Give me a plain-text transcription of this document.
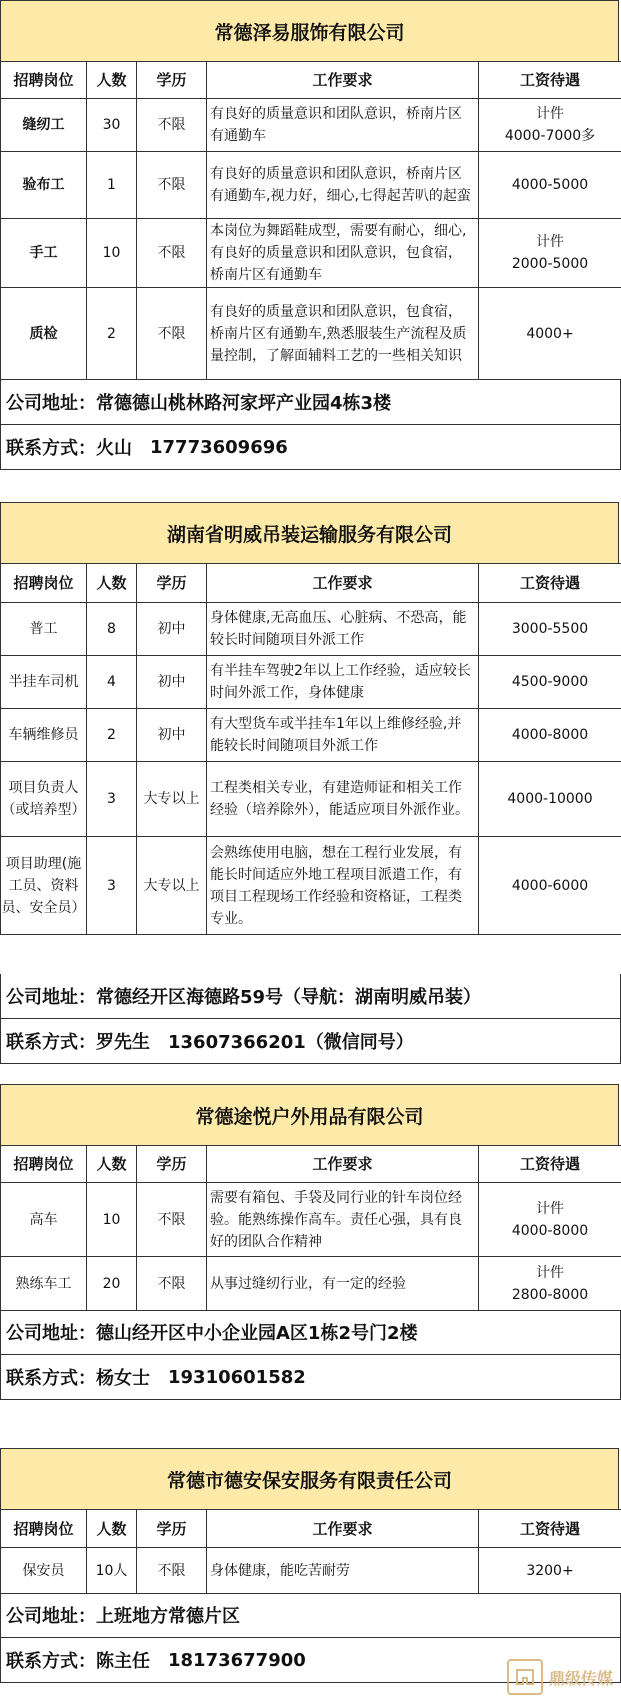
常德泽易服饰有限公司
招聘岗位	人数	学历	工作要求	工资待遇
缝纫工	30	不限	有良好的质量意识和团队意识，桥南片区有通勤车	计件
4000-7000多

验布工	1	不限	有良好的质量意识和团队意识，桥南片区有通勤车,视力好，细心,七得起苦叭的起蛮	4000-5000
手工	10	不限	本岗位为舞蹈鞋成型，需要有耐心，细心,有良好的质量意识和团队意识，包食宿，桥南片区有通勤车	计件
2000-5000

质检	2	不限	有良好的质量意识和团队意识，包食宿，桥南片区有通勤车,熟悉服装生产流程及质量控制，了解面辅料工艺的一些相关知识	4000+
公司地址：常德德山桃林路河家坪产业园4栋3楼
联系方式：火山 17773609696
湖南省明威吊装运输服务有限公司
招聘岗位	人数	学历	工作要求	工资待遇
普工	8	初中	身体健康,无高血压、心脏病、不恐高，能较长时间随项目外派工作	3000-5500
半挂车司机	4	初中	有半挂车驾驶2年以上工作经验，适应较长时间外派工作，身体健康	4500-9000
车辆维修员	2	初中	有大型货车或半挂车1年以上维修经验,并能较长时间随项目外派工作	4000-8000
项目负责人（或培养型）	3	大专以上	工程类相关专业，有建造师证和相关工作经验（培养除外），能适应项目外派作业。	4000-10000
项目助理(施工员、资料员、安全员）	3	大专以上	会熟练使用电脑，想在工程行业发展，有能长时间适应外地工程项目派遣工作，有项目工程现场工作经验和资格证，工程类专业。	4000-6000
公司地址：常德经开区海德路59号（导航：湖南明威吊装）
联系方式：罗先生 13607366201（微信同号）
常德途悦户外用品有限公司
招聘岗位	人数	学历	工作要求	工资待遇
高车	10	不限	需要有箱包、手袋及同行业的针车岗位经验。能熟练操作高车。责任心强，具有良好的团队合作精神	计件
4000-8000

熟练车工	20	不限	从事过缝纫行业，有一定的经验	计件
2800-8000
公司地址：德山经开区中小企业园A区1栋2号门2楼
联系方式：杨女士 19310601582
常德市德安保安服务有限责任公司
招聘岗位	人数	学历	工作要求	工资待遇
保安员	10人	不限	身体健康，能吃苦耐劳	3200+
公司地址：上班地方常德片区
联系方式：陈主任 18173677900
鼎级传媒
